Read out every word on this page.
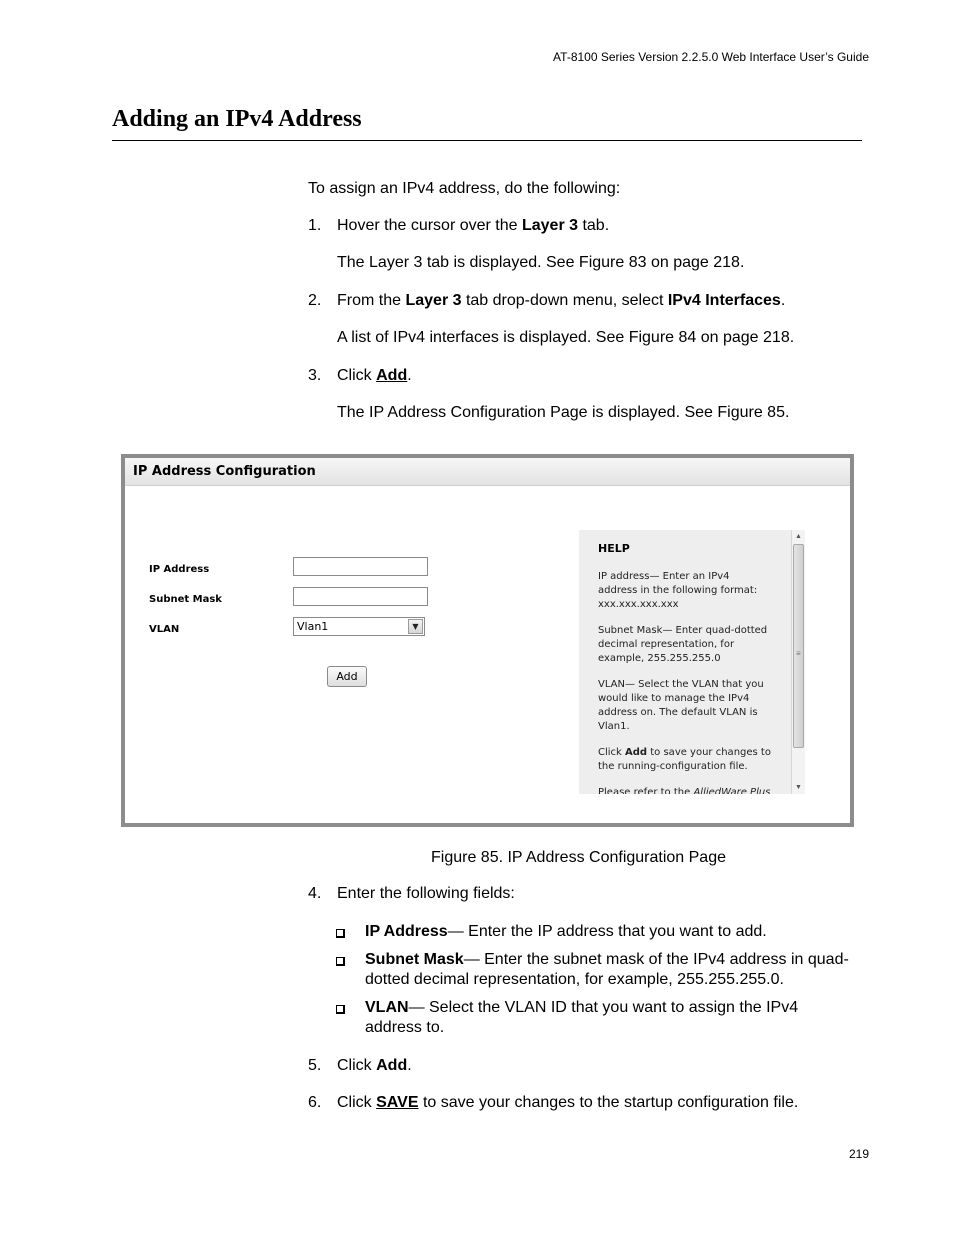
AT-8100 Series Version 2.2.5.0 Web Interface User’s Guide
Adding an IPv4 Address
To assign an IPv4 address, do the following:
1. Hover the cursor over the Layer 3 tab.
The Layer 3 tab is displayed. See Figure 83 on page 218.
2. From the Layer 3 tab drop-down menu, select IPv4 Interfaces.
A list of IPv4 interfaces is displayed. See Figure 84 on page 218.
3. Click Add.
The IP Address Configuration Page is displayed. See Figure 85.
IP Address Configuration
IP Address
Subnet Mask
VLAN	Vlan1	▼
Add
HELP
IP address— Enter an IPv4
address in the following format:
xxx.xxx.xxx.xxx
Subnet Mask— Enter quad-dotted
decimal representation, for
example, 255.255.255.0
VLAN— Select the VLAN that you
would like to manage the IPv4
address on. The default VLAN is
Vlan1.
Click Add to save your changes to
the running-configuration file.
Please refer to the AlliedWare Plus
▲
≡
▼
Figure 85. IP Address Configuration Page
4. Enter the following fields:
IP Address— Enter the IP address that you want to add.
Subnet Mask— Enter the subnet mask of the IPv4 address in quad-dotted decimal representation, for example, 255.255.255.0.
VLAN— Select the VLAN ID that you want to assign the IPv4 address to.
5. Click Add.
6. Click SAVE to save your changes to the startup configuration file.
219
